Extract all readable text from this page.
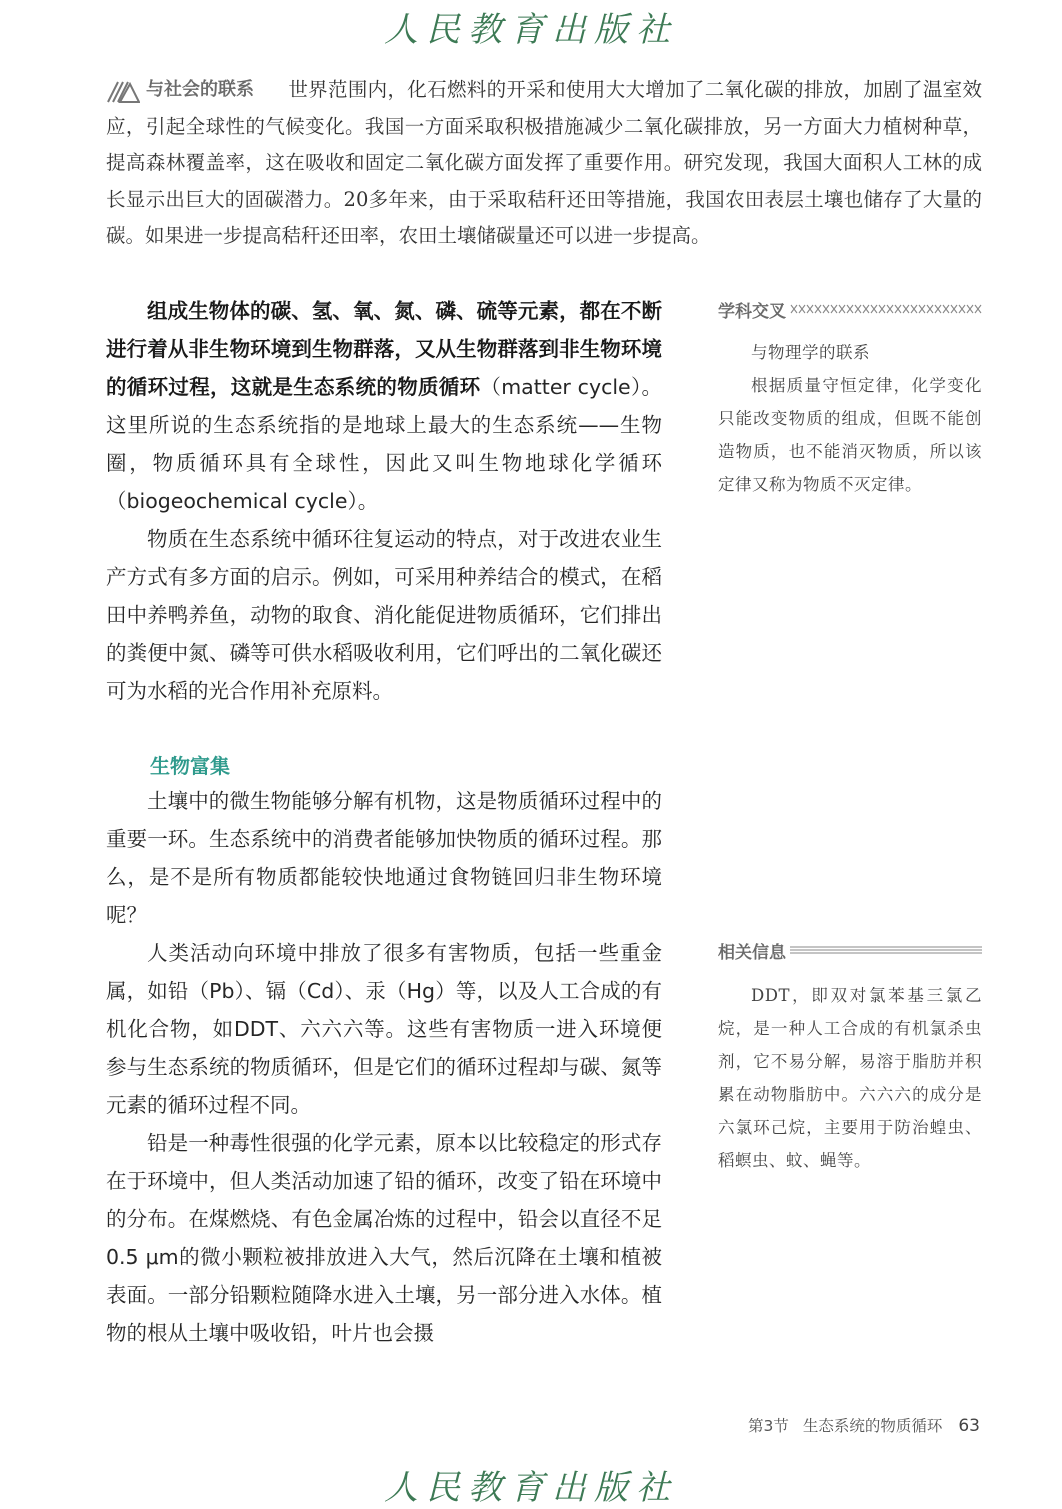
人民教育出版社
与社会的联系 世界范围内，化石燃料的开采和使用大大增加了二氧化碳的排放，加剧了温室效应，引起全球性的气候变化。我国一方面采取积极措施减少二氧化碳排放，另一方面大力植树种草，提高森林覆盖率，这在吸收和固定二氧化碳方面发挥了重要作用。研究发现，我国大面积人工林的成长显示出巨大的固碳潜力。20多年来，由于采取秸秆还田等措施，我国农田表层土壤也储存了大量的碳。如果进一步提高秸秆还田率，农田土壤储碳量还可以进一步提高。

组成生物体的碳、氢、氧、氮、磷、硫等元素，都在不断进行着从非生物环境到生物群落，又从生物群落到非生物环境的循环过程，这就是生态系统的物质循环（matter cycle）。这里所说的生态系统指的是地球上最大的生态系统——生物圈，物质循环具有全球性，因此又叫生物地球化学循环（biogeochemical cycle）。

物质在生态系统中循环往复运动的特点，对于改进农业生产方式有多方面的启示。例如，可采用种养结合的模式，在稻田中养鸭养鱼，动物的取食、消化能促进物质循环，它们排出的粪便中氮、磷等可供水稻吸收利用，它们呼出的二氧化碳还可为水稻的光合作用补充原料。

生物富集

土壤中的微生物能够分解有机物，这是物质循环过程中的重要一环。生态系统中的消费者能够加快物质的循环过程。那么，是不是所有物质都能较快地通过食物链回归非生物环境呢？

人类活动向环境中排放了很多有害物质，包括一些重金属，如铅（Pb）、镉（Cd）、汞（Hg）等，以及人工合成的有机化合物，如DDT、六六六等。这些有害物质一进入环境便参与生态系统的物质循环，但是它们的循环过程却与碳、氮等元素的循环过程不同。

铅是一种毒性很强的化学元素，原本以比较稳定的形式存在于环境中，但人类活动加速了铅的循环，改变了铅在环境中的分布。在煤燃烧、有色金属冶炼的过程中，铅会以直径不足0.5 μm的微小颗粒被排放进入大气，然后沉降在土壤和植被表面。一部分铅颗粒随降水进入土壤，另一部分进入水体。植物的根从土壤中吸收铅，叶片也会摄

学科交叉

与物理学的联系

根据质量守恒定律，化学变化只能改变物质的组成，但既不能创造物质，也不能消灭物质，所以该定律又称为物质不灭定律。

相关信息

DDT，即双对氯苯基三氯乙烷，是一种人工合成的有机氯杀虫剂，它不易分解，易溶于脂肪并积累在动物脂肪中。六六六的成分是六氯环己烷，主要用于防治蝗虫、稻螟虫、蚊、蝇等。

第3节 生态系统的物质循环 63
人民教育出版社
